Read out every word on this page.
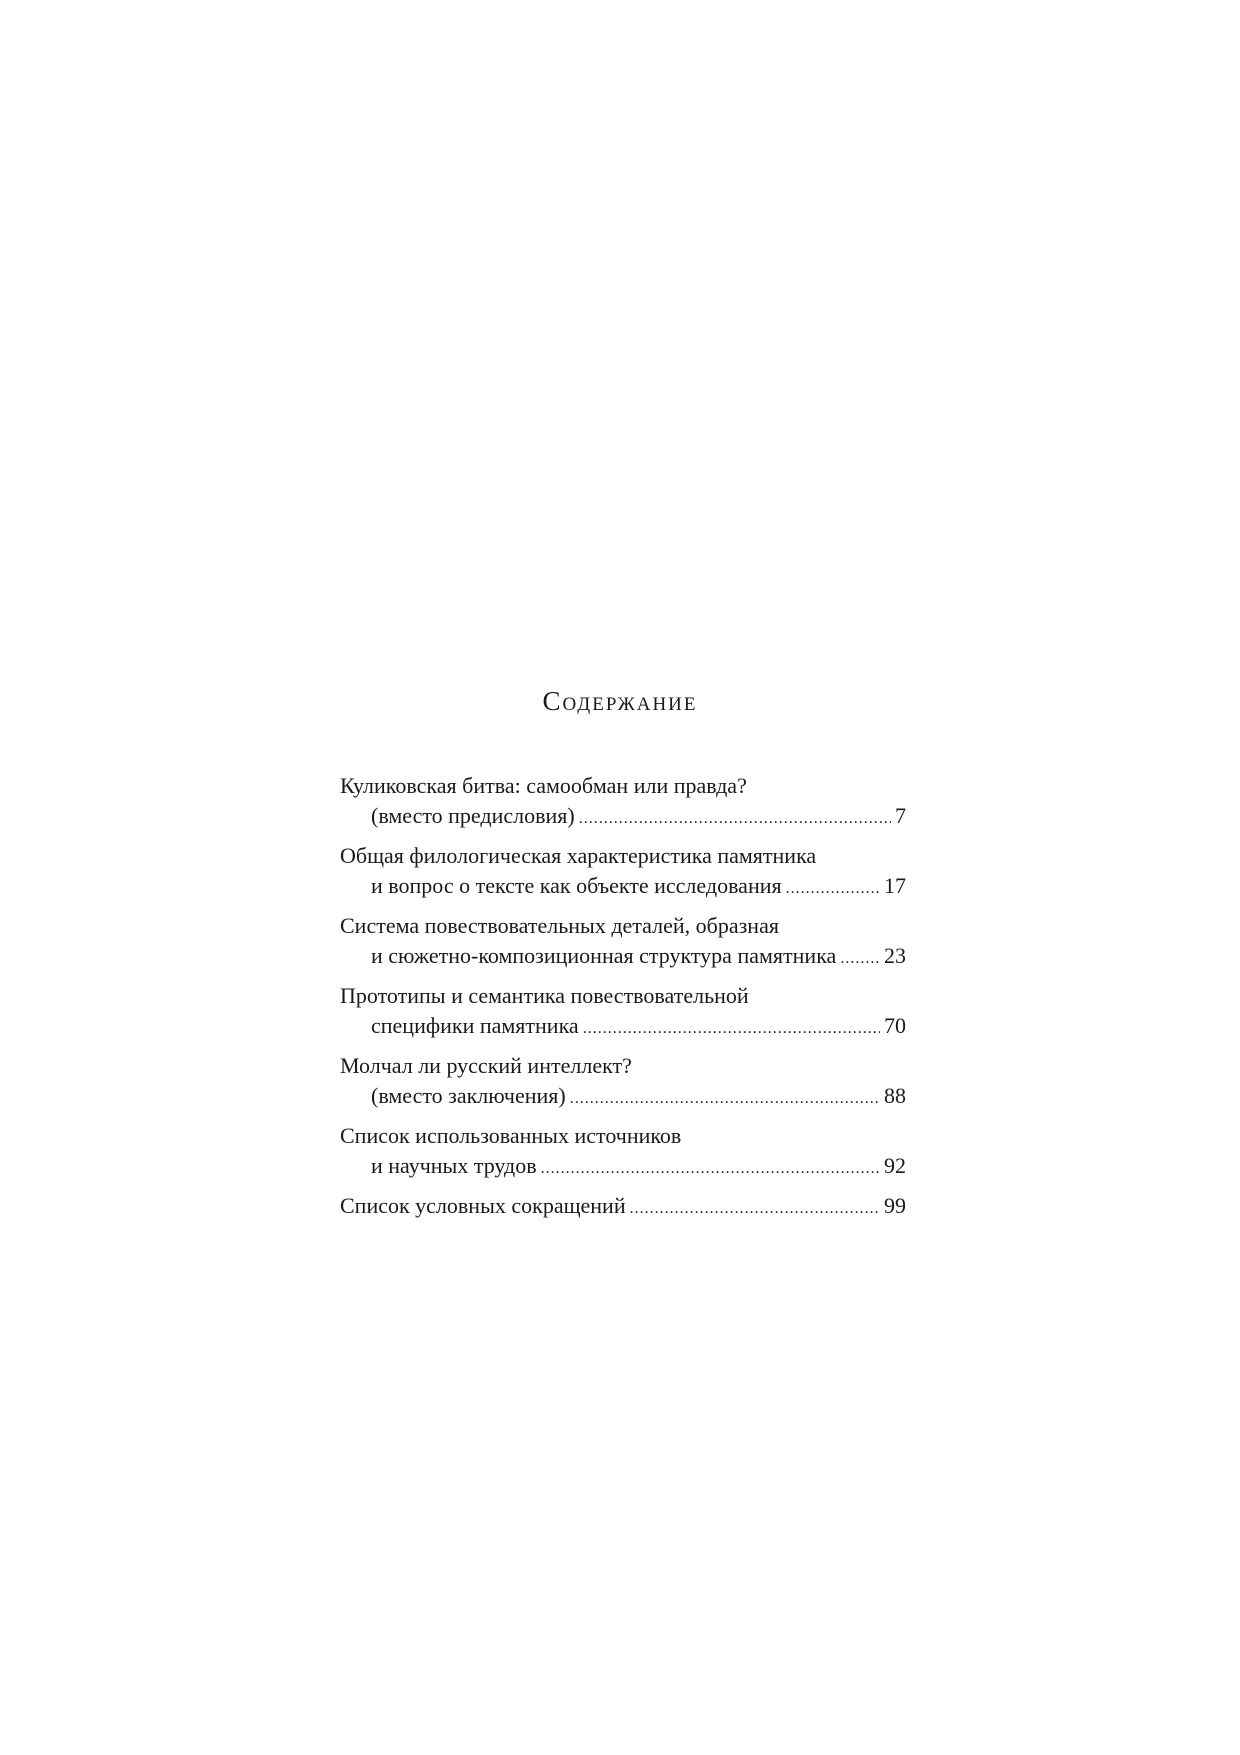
Содержание
Куликовская битва: самообман или правда?
(вместо предисловия) .....	7
Общая филологическая характеристика памятника
и вопрос о тексте как объекте исследования .....	17
Система повествовательных деталей, образная
и сюжетно-композиционная структура памятника ..... 23
Прототипы и семантика повествовательной
специфики памятника .....	70
Молчал ли русский интеллект?
(вместо заключения) .....	88
Список использованных источников
и научных трудов .....	92
Список условных сокращений .....	99
